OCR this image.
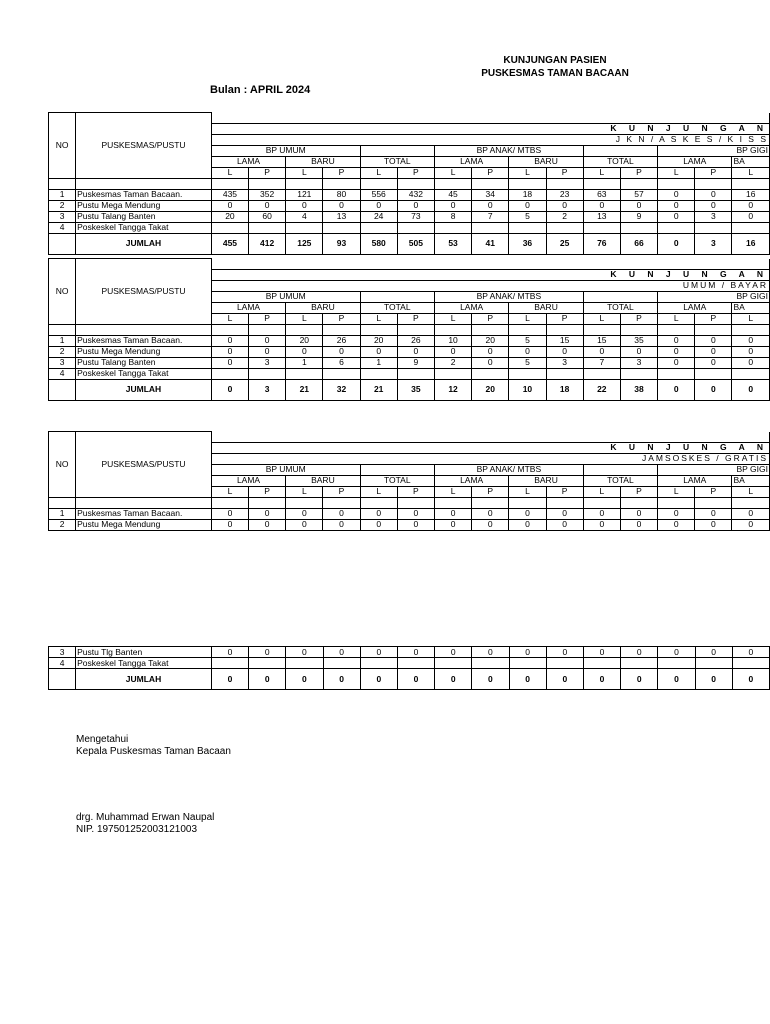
KUNJUNGAN PASIEN
PUSKESMAS TAMAN BACAAN
Bulan : APRIL 2024
NO	PUSKESMAS/PUSTU															
		K U N J U N G A N														
		J K N / A S K E S / K I S S														
		BP UMUM						BP ANAK/ MTBS						BP GIGI		
		LAMA		BARU		TOTAL		LAMA		BARU		TOTAL		LAMA		BA
		L	P	L	P	L	P	L	P	L	P	L	P	L	P	L

1	Puskesmas Taman Bacaan.	435	352	121	80	556	432	45	34	18	23	63	57	0	0	16
2	Pustu Mega Mendung	0	0	0	0	0	0	0	0	0	0	0	0	0	0	0
3	Pustu Talang Banten	20	60	4	13	24	73	8	7	5	2	13	9	0	3	0
4	Poskeskel Tangga Takat															
	JUMLAH	455	412	125	93	580	505	53	41	36	25	76	66	0	3	16
NO	PUSKESMAS/PUSTU															
		K U N J U N G A N														
		UMUM / BAYAR														
		BP UMUM						BP ANAK/ MTBS						BP GIGI		
		LAMA		BARU		TOTAL		LAMA		BARU		TOTAL		LAMA		BA
		L	P	L	P	L	P	L	P	L	P	L	P	L	P	L

1	Puskesmas Taman Bacaan.	0	0	20	26	20	26	10	20	5	15	15	35	0	0	0
2	Pustu Mega Mendung	0	0	0	0	0	0	0	0	0	0	0	0	0	0	0
3	Pustu Talang Banten	0	3	1	6	1	9	2	0	5	3	7	3	0	0	0
4	Poskeskel Tangga Takat															
	JUMLAH	0	3	21	32	21	35	12	20	10	18	22	38	0	0	0
NO	PUSKESMAS/PUSTU															
		K U N J U N G A N														
		JAMSOSKES / GRATIS														
		BP UMUM						BP ANAK/ MTBS						BP GIGI		
		LAMA		BARU		TOTAL		LAMA		BARU		TOTAL		LAMA		BA
		L	P	L	P	L	P	L	P	L	P	L	P	L	P	L

1	Puskesmas Taman Bacaan.	0	0	0	0	0	0	0	0	0	0	0	0	0	0	0
2	Pustu Mega Mendung	0	0	0	0	0	0	0	0	0	0	0	0	0	0	0
3	Pustu Tlg Banten	0	0	0	0	0	0	0	0	0	0	0	0	0	0	0
4	Poskeskel Tangga Takat															
	JUMLAH	0	0	0	0	0	0	0	0	0	0	0	0	0	0	0
Mengetahui
Kepala Puskesmas Taman Bacaan
drg. Muhammad Erwan Naupal
NIP. 197501252003121003
